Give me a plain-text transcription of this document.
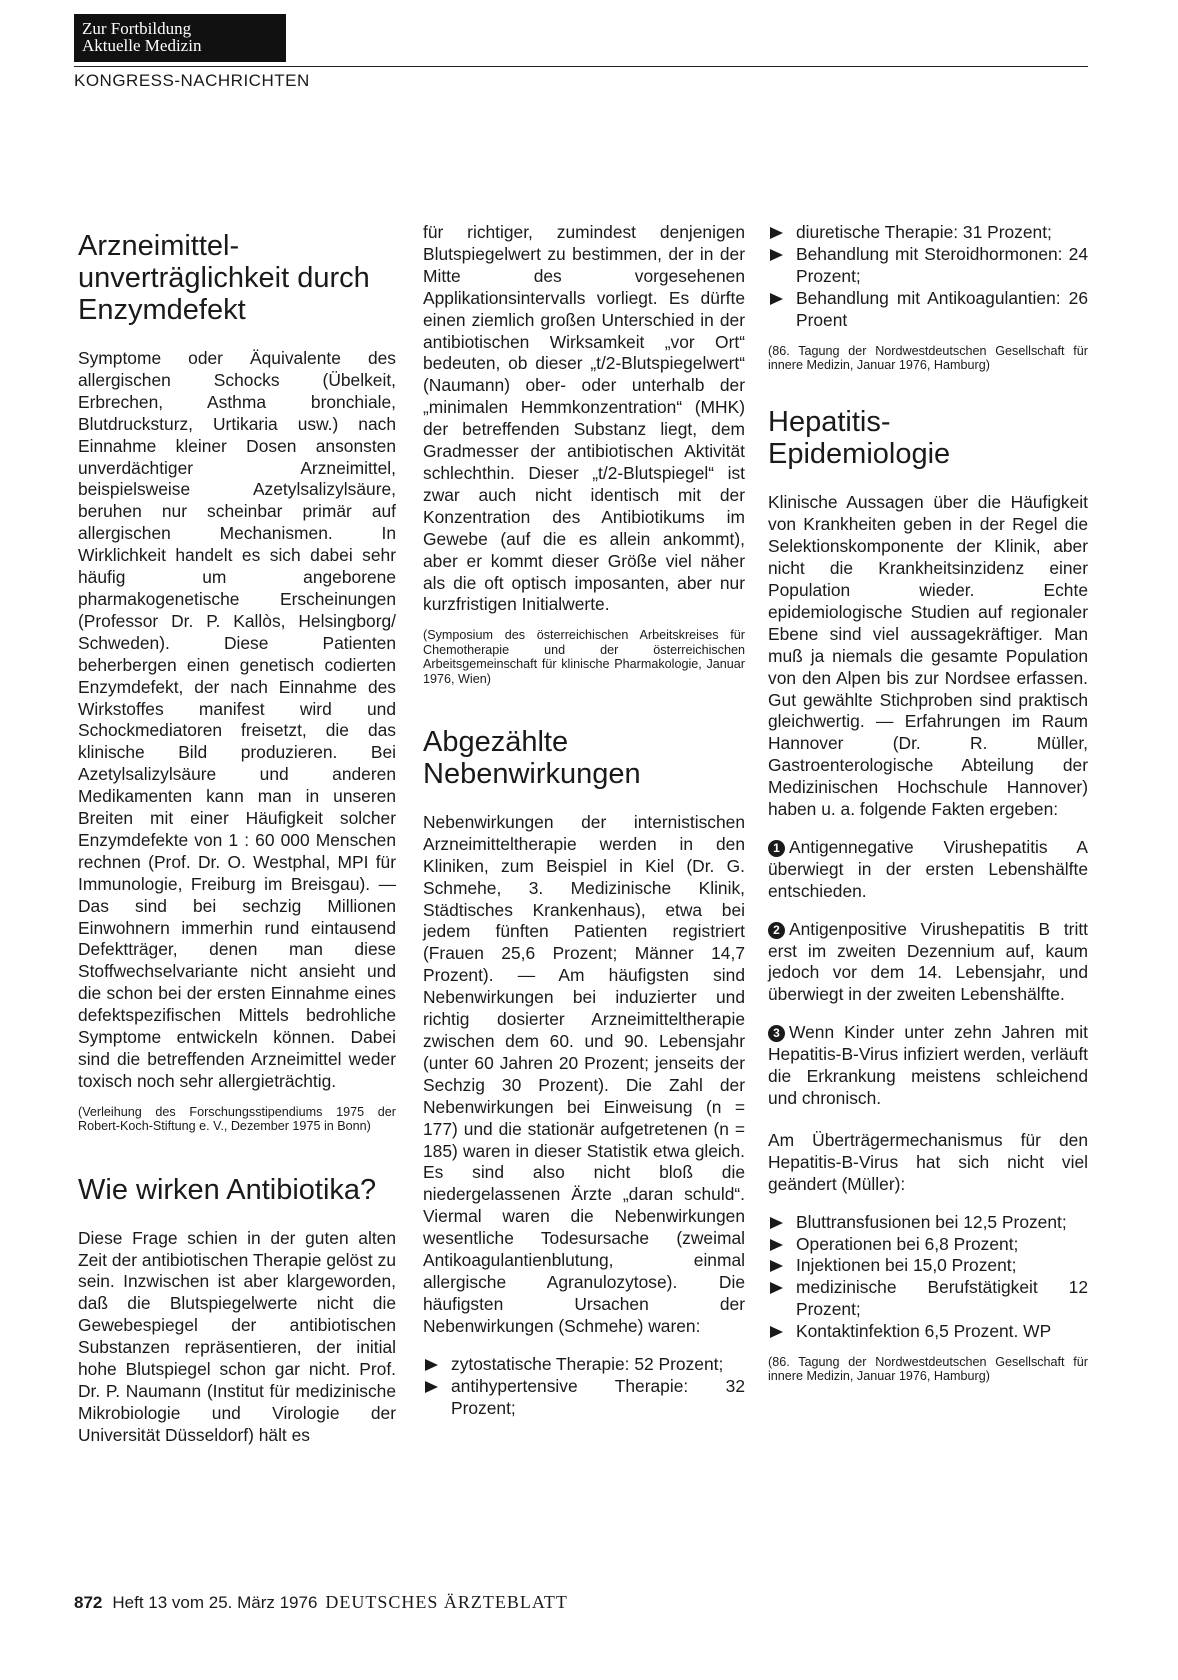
Zur Fortbildung
Aktuelle Medizin
KONGRESS-NACHRICHTEN
Arzneimittel-
unverträglichkeit durch
Enzymdefekt

Symptome oder Äquivalente des allergischen Schocks (Übelkeit, Erbrechen, Asthma bronchiale, Blutdrucksturz, Urtikaria usw.) nach Einnahme kleiner Dosen ansonsten unverdächtiger Arzneimittel, beispielsweise Azetylsalizylsäure, beruhen nur scheinbar primär auf allergischen Mechanismen. In Wirklichkeit handelt es sich dabei sehr häufig um angeborene pharmakogenetische Erscheinungen (Professor Dr. P. Kallòs, Helsingborg/ Schweden). Diese Patienten beherbergen einen genetisch codierten Enzymdefekt, der nach Einnahme des Wirkstoffes manifest wird und Schockmediatoren freisetzt, die das klinische Bild produzieren. Bei Azetylsalizylsäure und anderen Medikamenten kann man in unseren Breiten mit einer Häufigkeit solcher Enzymdefekte von 1 : 60 000 Menschen rechnen (Prof. Dr. O. Westphal, MPI für Immunologie, Freiburg im Breisgau). — Das sind bei sechzig Millionen Einwohnern immerhin rund eintausend Defektträger, denen man diese Stoffwechselvariante nicht ansieht und die schon bei der ersten Einnahme eines defektspezifischen Mittels bedrohliche Symptome entwickeln können. Dabei sind die betreffenden Arzneimittel weder toxisch noch sehr allergieträchtig.

(Verleihung des Forschungsstipendiums 1975 der Robert-Koch-Stiftung e. V., Dezember 1975 in Bonn)

Wie wirken Antibiotika?

Diese Frage schien in der guten alten Zeit der antibiotischen Therapie gelöst zu sein. Inzwischen ist aber klargeworden, daß die Blutspiegelwerte nicht die Gewebespiegel der antibiotischen Substanzen repräsentieren, der initial hohe Blutspiegel schon gar nicht. Prof. Dr. P. Naumann (Institut für medizinische Mikrobiologie und Virologie der Universität Düsseldorf) hält es

für richtiger, zumindest denjenigen Blutspiegelwert zu bestimmen, der in der Mitte des vorgesehenen Applikationsintervalls vorliegt. Es dürfte einen ziemlich großen Unterschied in der antibiotischen Wirksamkeit „vor Ort“ bedeuten, ob dieser „t/2-Blutspiegelwert“ (Naumann) ober- oder unterhalb der „minimalen Hemmkonzentration“ (MHK) der betreffenden Substanz liegt, dem Gradmesser der antibiotischen Aktivität schlechthin. Dieser „t/2-Blutspiegel“ ist zwar auch nicht identisch mit der Konzentration des Antibiotikums im Gewebe (auf die es allein ankommt), aber er kommt dieser Größe viel näher als die oft optisch imposanten, aber nur kurzfristigen Initialwerte.

(Symposium des österreichischen Arbeitskreises für Chemotherapie und der österreichischen Arbeitsgemeinschaft für klinische Pharmakologie, Januar 1976, Wien)

Abgezählte
Nebenwirkungen

Nebenwirkungen der internistischen Arzneimitteltherapie werden in den Kliniken, zum Beispiel in Kiel (Dr. G. Schmehe, 3. Medizinische Klinik, Städtisches Krankenhaus), etwa bei jedem fünften Patienten registriert (Frauen 25,6 Prozent; Männer 14,7 Prozent). — Am häufigsten sind Nebenwirkungen bei induzierter und richtig dosierter Arzneimitteltherapie zwischen dem 60. und 90. Lebensjahr (unter 60 Jahren 20 Prozent; jenseits der Sechzig 30 Prozent). Die Zahl der Nebenwirkungen bei Einweisung (n = 177) und die stationär aufgetretenen (n = 185) waren in dieser Statistik etwa gleich. Es sind also nicht bloß die niedergelassenen Ärzte „daran schuld“. Viermal waren die Nebenwirkungen wesentliche Todesursache (zweimal Antikoagulantienblutung, einmal allergische Agranulozytose). Die häufigsten Ursachen der Nebenwirkungen (Schmehe) waren:

zytostatische Therapie: 52 Prozent;
antihypertensive Therapie: 32 Prozent;
diuretische Therapie: 31 Prozent;
Behandlung mit Steroidhormonen: 24 Prozent;
Behandlung mit Antikoagulantien: 26 Proent

(86. Tagung der Nordwestdeutschen Gesellschaft für innere Medizin, Januar 1976, Hamburg)

Hepatitis-
Epidemiologie

Klinische Aussagen über die Häufigkeit von Krankheiten geben in der Regel die Selektionskomponente der Klinik, aber nicht die Krankheitsinzidenz einer Population wieder. Echte epidemiologische Studien auf regionaler Ebene sind viel aussagekräftiger. Man muß ja niemals die gesamte Population von den Alpen bis zur Nordsee erfassen. Gut gewählte Stichproben sind praktisch gleichwertig. — Erfahrungen im Raum Hannover (Dr. R. Müller, Gastroenterologische Abteilung der Medizinischen Hochschule Hannover) haben u. a. folgende Fakten ergeben:

1 Antigennegative Virushepatitis A überwiegt in der ersten Lebenshälfte entschieden.

2 Antigenpositive Virushepatitis B tritt erst im zweiten Dezennium auf, kaum jedoch vor dem 14. Lebensjahr, und überwiegt in der zweiten Lebenshälfte.

3 Wenn Kinder unter zehn Jahren mit Hepatitis-B-Virus infiziert werden, verläuft die Erkrankung meistens schleichend und chronisch.

Am Überträgermechanismus für den Hepatitis-B-Virus hat sich nicht viel geändert (Müller):

Bluttransfusionen bei 12,5 Prozent;
Operationen bei 6,8 Prozent;
Injektionen bei 15,0 Prozent;
medizinische Berufstätigkeit 12 Prozent;
Kontaktinfektion 6,5 Prozent. WP

(86. Tagung der Nordwestdeutschen Gesellschaft für innere Medizin, Januar 1976, Hamburg)

872 Heft 13 vom 25. März 1976 DEUTSCHES ÄRZTEBLATT
